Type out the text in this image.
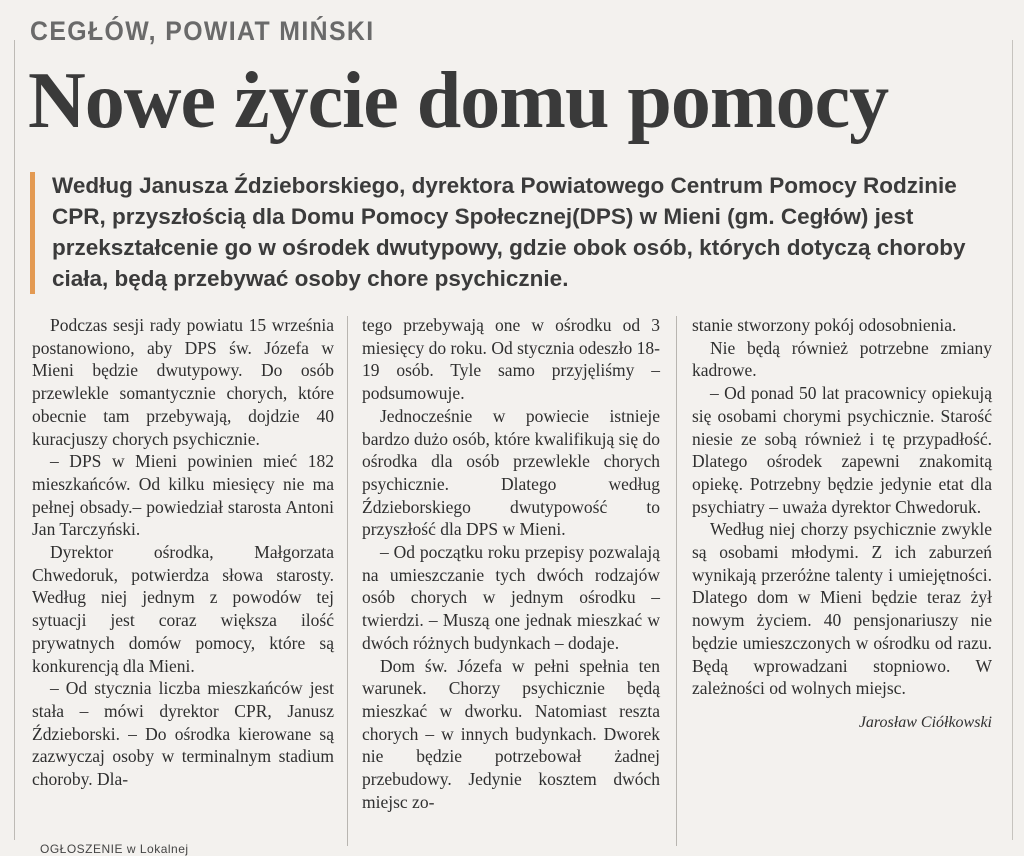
CEGŁÓW, POWIAT MIŃSKI
Nowe życie domu pomocy
Według Janusza Ździeborskiego, dyrektora Powiatowego Centrum Pomocy Rodzinie CPR, przyszłością dla Domu Pomocy Społecznej(DPS) w Mieni (gm. Cegłów) jest przekształcenie go w ośrodek dwutypowy, gdzie obok osób, których dotyczą choroby ciała, będą przebywać osoby chore psychicznie.

Podczas sesji rady powiatu 15 września postanowiono, aby DPS św. Józefa w Mieni będzie dwutypowy. Do osób przewlekle somantycznie chorych, które obecnie tam przebywają, dojdzie 40 kuracjuszy chorych psychicznie.

– DPS w Mieni powinien mieć 182 mieszkańców. Od kilku miesięcy nie ma pełnej obsady.– powiedział starosta Antoni Jan Tarczyński.

Dyrektor ośrodka, Małgorzata Chwedoruk, potwierdza słowa starosty. Według niej jednym z powodów tej sytuacji jest coraz większa ilość prywatnych domów pomocy, które są konkurencją dla Mieni.

– Od stycznia liczba mieszkańców jest stała – mówi dyrektor CPR, Janusz Ździeborski. – Do ośrodka kierowane są zazwyczaj osoby w terminalnym stadium choroby. Dla-

tego przebywają one w ośrodku od 3 miesięcy do roku. Od stycznia odeszło 18-19 osób. Tyle samo przyjęliśmy – podsumowuje.

Jednocześnie w powiecie istnieje bardzo dużo osób, które kwalifikują się do ośrodka dla osób przewlekle chorych psychicznie. Dlatego według Ździeborskiego dwutypowość to przyszłość dla DPS w Mieni.

– Od początku roku przepisy pozwalają na umieszczanie tych dwóch rodzajów osób chorych w jednym ośrodku – twierdzi. – Muszą one jednak mieszkać w dwóch różnych budynkach – dodaje.

Dom św. Józefa w pełni spełnia ten warunek. Chorzy psychicznie będą mieszkać w dworku. Natomiast reszta chorych – w innych budynkach. Dworek nie będzie potrzebował żadnej przebudowy. Jedynie kosztem dwóch miejsc zo-

stanie stworzony pokój odosobnienia.

Nie będą również potrzebne zmiany kadrowe.

– Od ponad 50 lat pracownicy opiekują się osobami chorymi psychicznie. Starość niesie ze sobą również i tę przypadłość. Dlatego ośrodek zapewni znakomitą opiekę. Potrzebny będzie jedynie etat dla psychiatry – uważa dyrektor Chwedoruk.

Według niej chorzy psychicznie zwykle są osobami młodymi. Z ich zaburzeń wynikają przeróżne talenty i umiejętności. Dlatego dom w Mieni będzie teraz żył nowym życiem. 40 pensjonariuszy nie będzie umieszczonych w ośrodku od razu. Będą wprowadzani stopniowo. W zależności od wolnych miejsc.

Jarosław Ciółkowski

OGŁOSZENIE w Lokalnej
